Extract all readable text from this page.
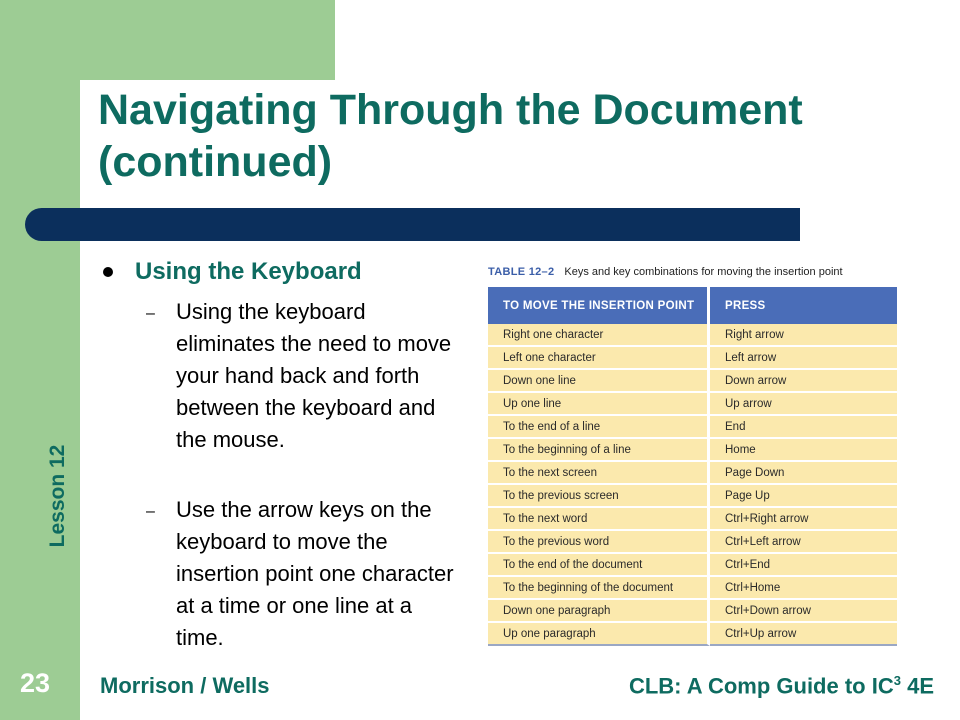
Navigating Through the Document (continued)
Lesson 12
Using the Keyboard
– Using the keyboard eliminates the need to move your hand back and forth between the keyboard and the mouse.
– Use the arrow keys on the keyboard to move the insertion point one character at a time or one line at a time.
TABLE 12–2 Keys and key combinations for moving the insertion point
TO MOVE THE INSERTION POINT	PRESS
Right one character	Right arrow
Left one character	Left arrow
Down one line	Down arrow
Up one line	Up arrow
To the end of a line	End
To the beginning of a line	Home
To the next screen	Page Down
To the previous screen	Page Up
To the next word	Ctrl+Right arrow
To the previous word	Ctrl+Left arrow
To the end of the document	Ctrl+End
To the beginning of the document	Ctrl+Home
Down one paragraph	Ctrl+Down arrow
Up one paragraph	Ctrl+Up arrow
23 Morrison / Wells	CLB: A Comp Guide to $IC^3$ 4E
